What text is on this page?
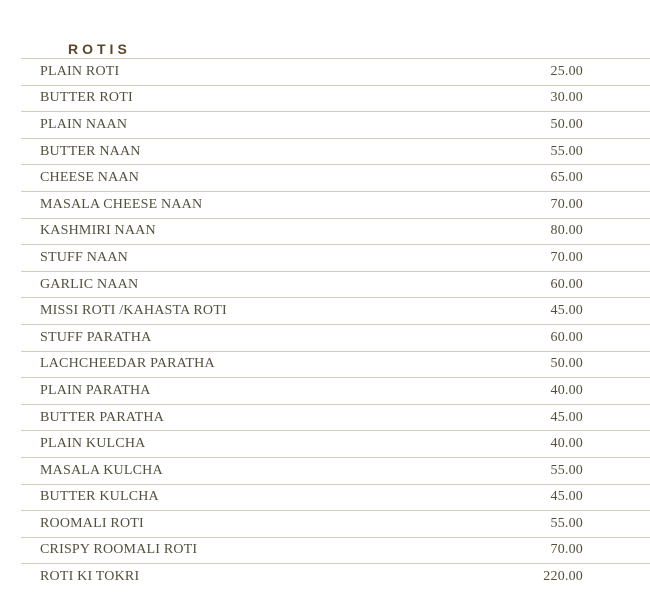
ROTIS
PLAIN ROTI	25.00
BUTTER ROTI	30.00
PLAIN NAAN	50.00
BUTTER NAAN	55.00
CHEESE NAAN	65.00
MASALA CHEESE NAAN	70.00
KASHMIRI NAAN	80.00
STUFF NAAN	70.00
GARLIC NAAN	60.00
MISSI ROTI /KAHASTA ROTI	45.00
STUFF PARATHA	60.00
LACHCHEEDAR PARATHA	50.00
PLAIN PARATHA	40.00
BUTTER PARATHA	45.00
PLAIN KULCHA	40.00
MASALA KULCHA	55.00
BUTTER KULCHA	45.00
ROOMALI ROTI	55.00
CRISPY ROOMALI ROTI	70.00
ROTI KI TOKRI	220.00
